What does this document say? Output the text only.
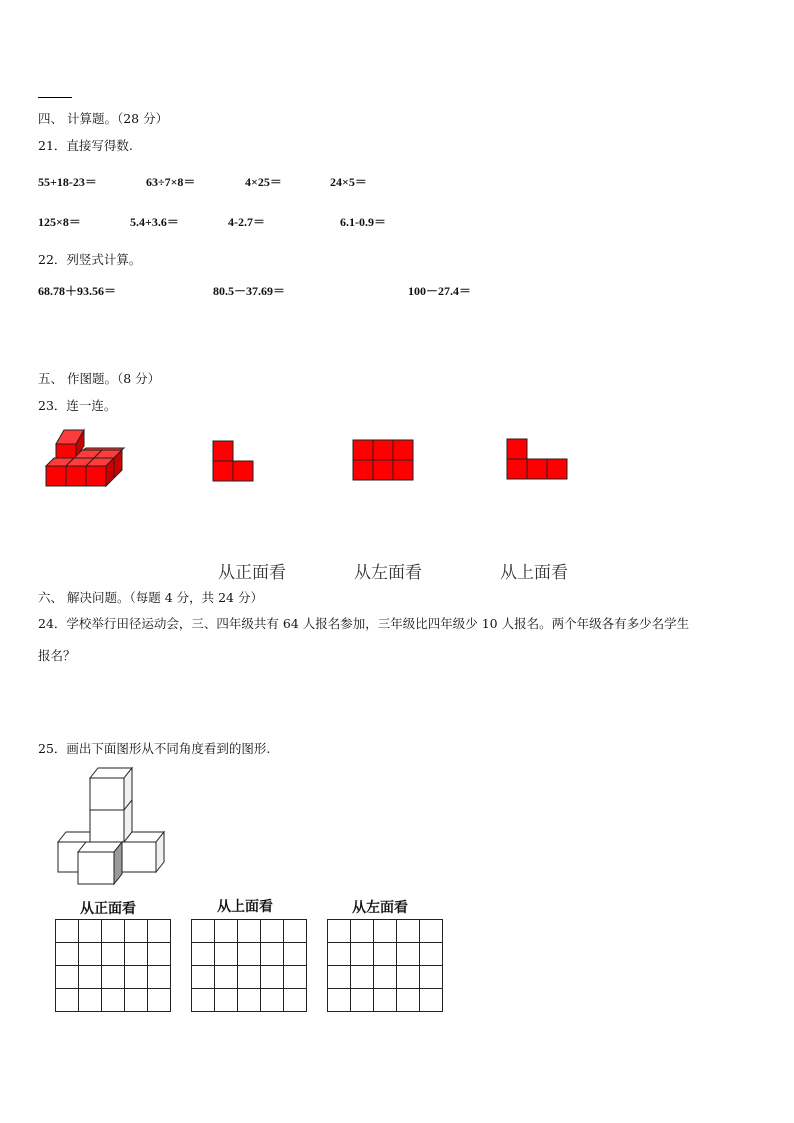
四、 计算题。（28 分）
21．直接写得数.
55+18-23＝	63÷7×8＝	4×25＝	24×5＝
125×8＝	5.4+3.6＝	4-2.7＝	6.1-0.9＝
22．列竖式计算。
68.78＋93.56＝	80.5－37.69＝	100－27.4＝
五、 作图题。（8 分）
23．连一连。
从正面看	从左面看	从上面看
六、 解决问题。（每题 4 分，共 24 分）
24．学校举行田径运动会，三、四年级共有 64 人报名参加，三年级比四年级少 10 人报名。两个年级各有多少名学生
报名？
25．画出下面图形从不同角度看到的图形.
从正面看	从上面看	从左面看
